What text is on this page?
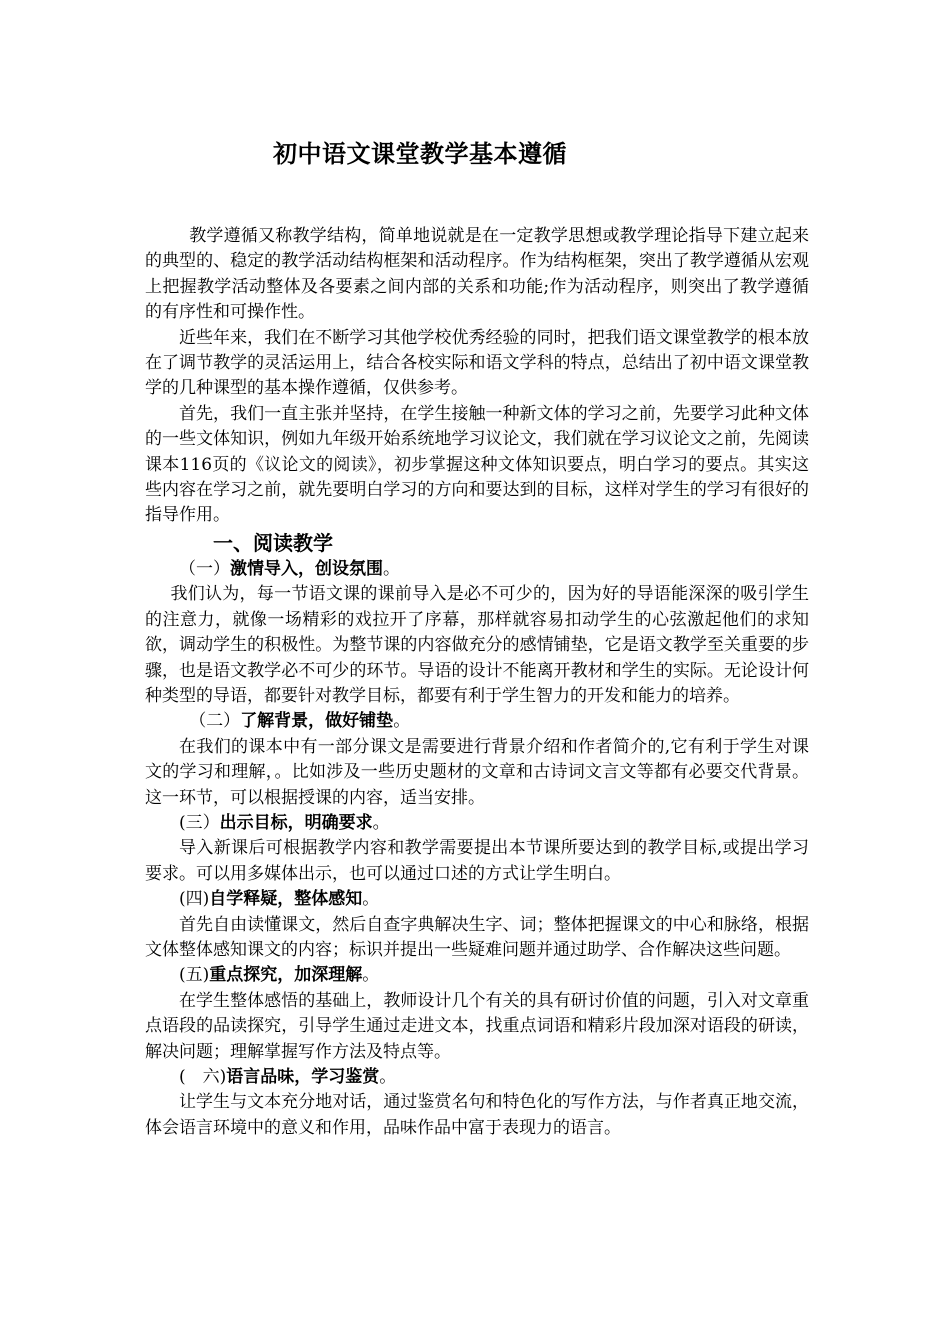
初中语文课堂教学基本遵循

教学遵循又称教学结构，简单地说就是在一定教学思想或教学理论指导下建立起来的典型的、稳定的教学活动结构框架和活动程序。作为结构框架，突出了教学遵循从宏观上把握教学活动整体及各要素之间内部的关系和功能;作为活动程序，则突出了教学遵循的有序性和可操作性。

近些年来，我们在不断学习其他学校优秀经验的同时，把我们语文课堂教学的根本放在了调节教学的灵活运用上，结合各校实际和语文学科的特点，总结出了初中语文课堂教学的几种课型的基本操作遵循，仅供参考。

首先，我们一直主张并坚持，在学生接触一种新文体的学习之前，先要学习此种文体的一些文体知识，例如九年级开始系统地学习议论文，我们就在学习议论文之前，先阅读课本116页的《议论文的阅读》，初步掌握这种文体知识要点，明白学习的要点。其实这些内容在学习之前，就先要明白学习的方向和要达到的目标，这样对学生的学习有很好的指导作用。

一、阅读教学

（一）激情导入，创设氛围。

我们认为，每一节语文课的课前导入是必不可少的，因为好的导语能深深的吸引学生的注意力，就像一场精彩的戏拉开了序幕，那样就容易扣动学生的心弦激起他们的求知欲，调动学生的积极性。为整节课的内容做充分的感情铺垫，它是语文教学至关重要的步骤，也是语文教学必不可少的环节。导语的设计不能离开教材和学生的实际。无论设计何种类型的导语，都要针对教学目标，都要有利于学生智力的开发和能力的培养。

（二）了解背景，做好铺垫。

在我们的课本中有一部分课文是需要进行背景介绍和作者简介的,它有利于学生对课文的学习和理解，。比如涉及一些历史题材的文章和古诗词文言文等都有必要交代背景。这一环节，可以根据授课的内容，适当安排。

(三）出示目标，明确要求。

导入新课后可根据教学内容和教学需要提出本节课所要达到的教学目标,或提出学习要求。可以用多媒体出示，也可以通过口述的方式让学生明白。

(四)自学释疑，整体感知。

首先自由读懂课文，然后自查字典解决生字、词；整体把握课文的中心和脉络，根据文体整体感知课文的内容；标识并提出一些疑难问题并通过助学、合作解决这些问题。

(五)重点探究，加深理解。

在学生整体感悟的基础上，教师设计几个有关的具有研讨价值的问题，引入对文章重点语段的品读探究，引导学生通过走进文本，找重点词语和精彩片段加深对语段的研读，解决问题；理解掌握写作方法及特点等。

(　六)语言品味，学习鉴赏。

让学生与文本充分地对话，通过鉴赏名句和特色化的写作方法，与作者真正地交流，体会语言环境中的意义和作用，品味作品中富于表现力的语言。
